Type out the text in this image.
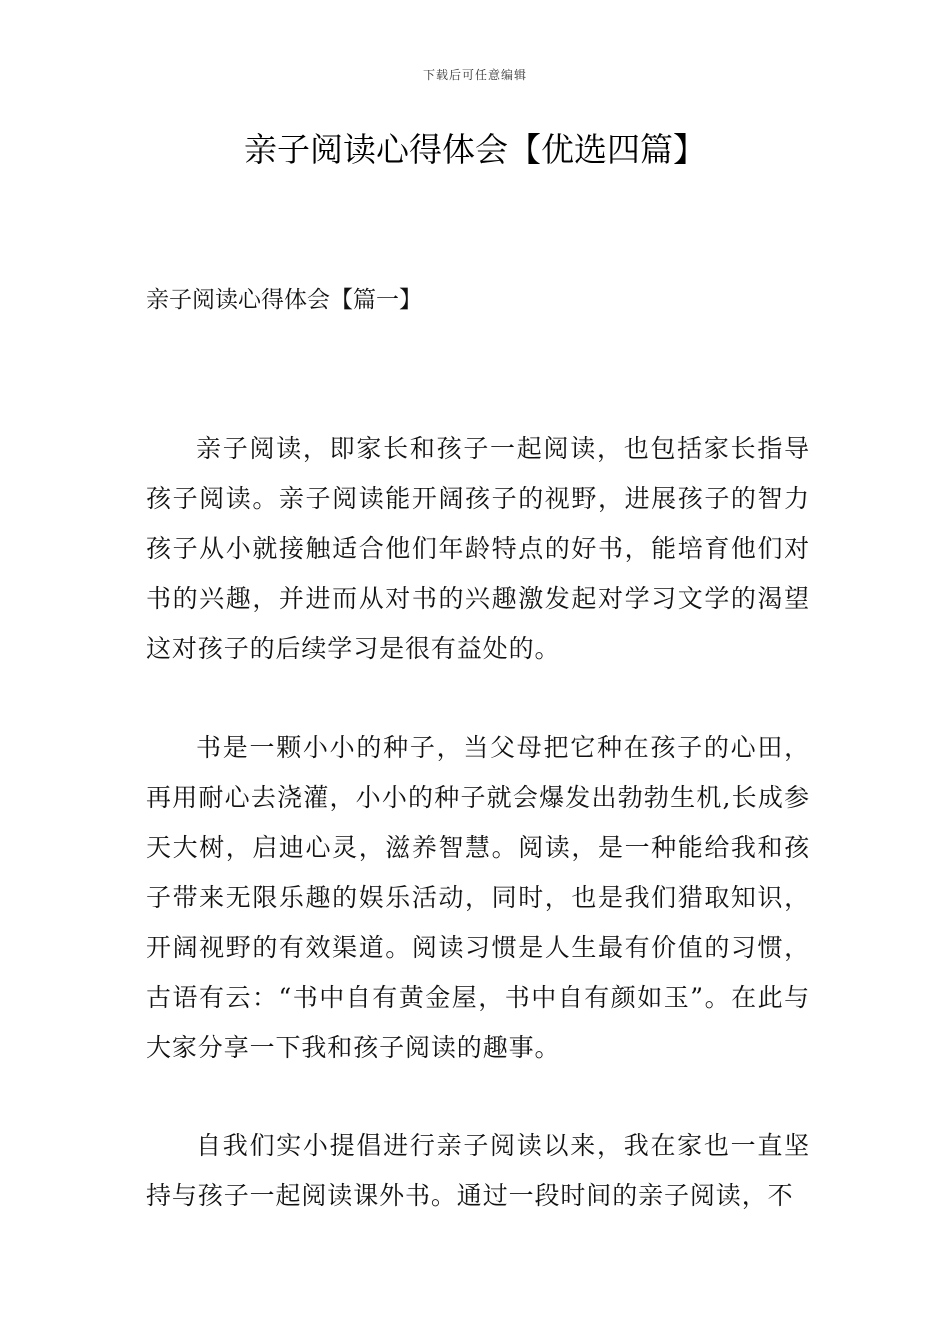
下载后可任意编辑
亲子阅读心得体会【优选四篇】
亲子阅读心得体会【篇一】

亲子阅读，即家长和孩子一起阅读，也包括家长指导孩子阅读。亲子阅读能开阔孩子的视野，进展孩子的智力孩子从小就接触适合他们年龄特点的好书，能培育他们对书的兴趣，并进而从对书的兴趣激发起对学习文学的渴望这对孩子的后续学习是很有益处的。

书是一颗小小的种子，当父母把它种在孩子的心田，再用耐心去浇灌，小小的种子就会爆发出勃勃生机,长成参天大树，启迪心灵，滋养智慧。阅读，是一种能给我和孩子带来无限乐趣的娱乐活动，同时，也是我们猎取知识，开阔视野的有效渠道。阅读习惯是人生最有价值的习惯，古语有云：“书中自有黄金屋，书中自有颜如玉”。在此与大家分享一下我和孩子阅读的趣事。

自我们实小提倡进行亲子阅读以来，我在家也一直坚持与孩子一起阅读课外书。通过一段时间的亲子阅读，不
